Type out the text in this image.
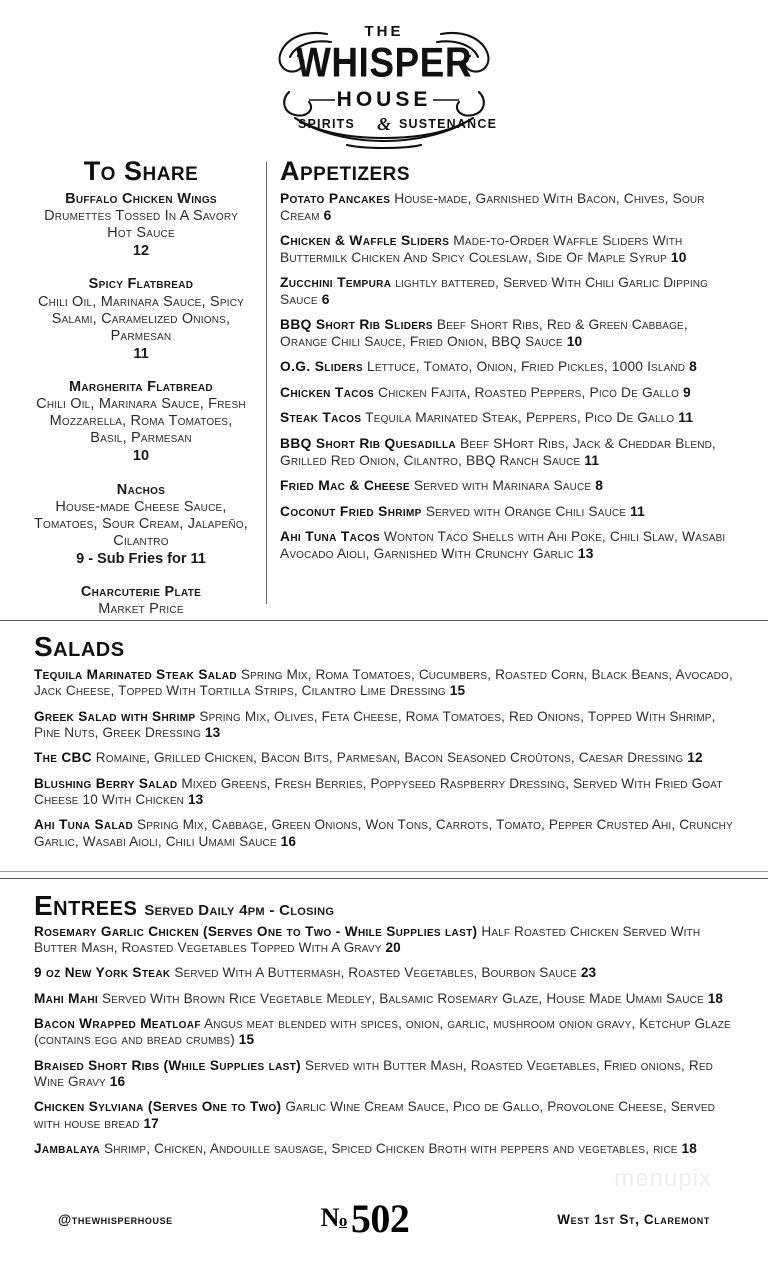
THE
WHISPER
HOUSE
SPIRITS & SUSTENANCE
To Share
Buffalo Chicken Wings
Drumettes Tossed In A Savory Hot Sauce
12
Spicy Flatbread
Chili Oil, Marinara Sauce, Spicy Salami, Caramelized Onions, Parmesan
11
Margherita Flatbread
Chili Oil, Marinara Sauce, Fresh Mozzarella, Roma Tomatoes, Basil, Parmesan
10
Nachos
House-made Cheese Sauce, Tomatoes, Sour Cream, Jalapeño, Cilantro
9 - Sub Fries for 11
Charcuterie Plate
Market Price
Appetizers
Potato Pancakes House-made, Garnished With Bacon, Chives, Sour Cream 6
Chicken & Waffle Sliders Made-to-Order Waffle Sliders With Buttermilk Chicken And Spicy Coleslaw, Side Of Maple Syrup 10
Zucchini Tempura lightly battered, Served With Chili Garlic Dipping Sauce 6
BBQ Short Rib Sliders Beef Short Ribs, Red & Green Cabbage, Orange Chili Sauce, Fried Onion, BBQ Sauce 10
O.G. Sliders Lettuce, Tomato, Onion, Fried Pickles, 1000 Island 8
Chicken Tacos Chicken Fajita, Roasted Peppers, Pico De Gallo 9
Steak Tacos Tequila Marinated Steak, Peppers, Pico De Gallo 11
BBQ Short Rib Quesadilla Beef SHort Ribs, Jack & Cheddar Blend, Grilled Red Onion, Cilantro, BBQ Ranch Sauce 11
Fried Mac & Cheese Served with Marinara Sauce 8
Coconut Fried Shrimp Served with Orange Chili Sauce 11
Ahi Tuna Tacos Wonton Taco Shells with Ahi Poke, Chili Slaw, Wasabi Avocado Aioli, Garnished With Crunchy Garlic 13
Salads
Tequila Marinated Steak Salad Spring Mix, Roma Tomatoes, Cucumbers, Roasted Corn, Black Beans, Avocado, Jack Cheese, Topped With Tortilla Strips, Cilantro Lime Dressing 15
Greek Salad with Shrimp Spring Mix, Olives, Feta Cheese, Roma Tomatoes, Red Onions, Topped With Shrimp, Pine Nuts, Greek Dressing 13
The CBC Romaine, Grilled Chicken, Bacon Bits, Parmesan, Bacon Seasoned Croûtons, Caesar Dressing 12
Blushing Berry Salad Mixed Greens, Fresh Berries, Poppyseed Raspberry Dressing, Served With Fried Goat Cheese 10 With Chicken 13
Ahi Tuna Salad Spring Mix, Cabbage, Green Onions, Won Tons, Carrots, Tomato, Pepper Crusted Ahi, Crunchy Garlic, Wasabi Aioli, Chili Umami Sauce 16
Entrees Served Daily 4pm - Closing
Rosemary Garlic Chicken (Serves One to Two - While Supplies last) Half Roasted Chicken Served With Butter Mash, Roasted Vegetables Topped With A Gravy 20
9 oz New York Steak Served With A Buttermash, Roasted Vegetables, Bourbon Sauce 23
Mahi Mahi Served With Brown Rice Vegetable Medley, Balsamic Rosemary Glaze, House Made Umami Sauce 18
Bacon Wrapped Meatloaf Angus meat blended with spices, onion, garlic, mushroom onion gravy, Ketchup Glaze (contains egg and bread crumbs) 15
Braised Short Ribs (While Supplies last) Served with Butter Mash, Roasted Vegetables, Fried onions, Red Wine Gravy 16
Chicken Sylviana (Serves One to Two) Garlic Wine Cream Sauce, Pico de Gallo, Provolone Cheese, Served with house bread 17
Jambalaya Shrimp, Chicken, Andouille sausage, Spiced Chicken Broth with peppers and vegetables, rice 18
menupix
@thewhisperhouse	No 502	West 1st St, Claremont
